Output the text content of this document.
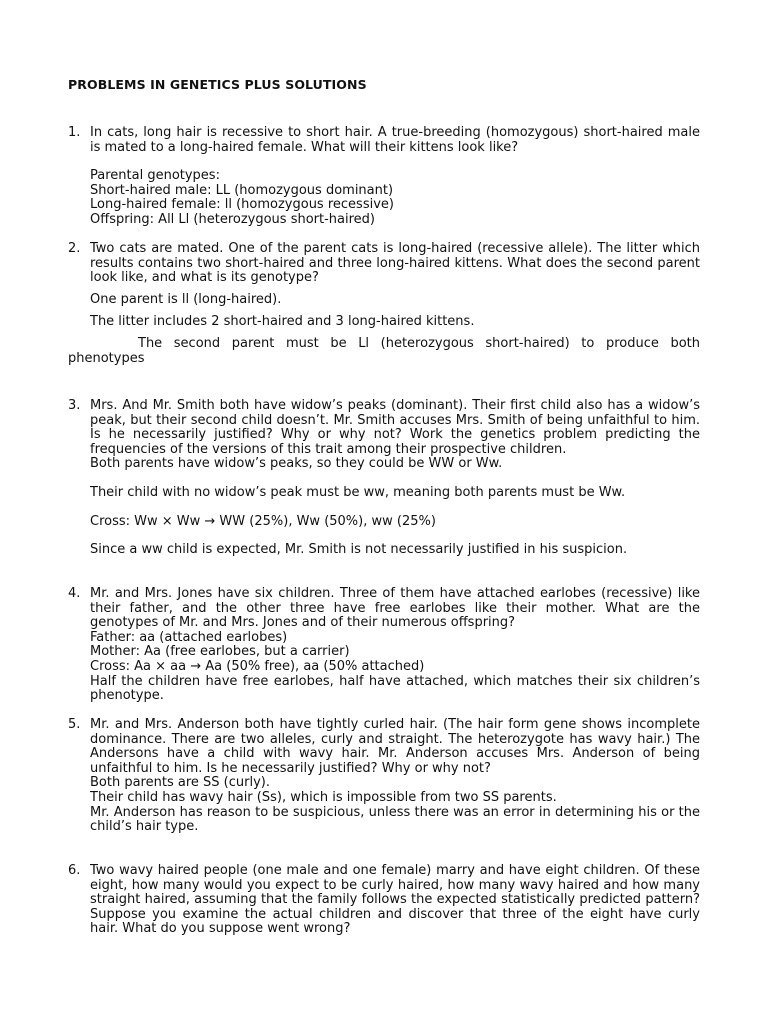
PROBLEMS IN GENETICS PLUS SOLUTIONS
1. In cats, long hair is recessive to short hair. A true-breeding (homozygous) short-haired male is mated to a long-haired female. What will their kittens look like?
Parental genotypes:
Short-haired male: LL (homozygous dominant)
Long-haired female: ll (homozygous recessive)
Offspring: All Ll (heterozygous short-haired)
2. Two cats are mated. One of the parent cats is long-haired (recessive allele). The litter which results contains two short-haired and three long-haired kittens. What does the second parent look like, and what is its genotype?
One parent is ll (long-haired).
The litter includes 2 short-haired and 3 long-haired kittens.
The second parent must be Ll (heterozygous short-haired) to produce both phenotypes
3. Mrs. And Mr. Smith both have widow’s peaks (dominant). Their first child also has a widow’s peak, but their second child doesn’t. Mr. Smith accuses Mrs. Smith of being unfaithful to him. Is he necessarily justified? Why or why not? Work the genetics problem predicting the frequencies of the versions of this trait among their prospective children.
Both parents have widow’s peaks, so they could be WW or Ww.
Their child with no widow’s peak must be ww, meaning both parents must be Ww.
Cross: Ww × Ww → WW (25%), Ww (50%), ww (25%)
Since a ww child is expected, Mr. Smith is not necessarily justified in his suspicion.
4. Mr. and Mrs. Jones have six children. Three of them have attached earlobes (recessive) like their father, and the other three have free earlobes like their mother. What are the genotypes of Mr. and Mrs. Jones and of their numerous offspring?
Father: aa (attached earlobes)
Mother: Aa (free earlobes, but a carrier)
Cross: Aa × aa → Aa (50% free), aa (50% attached)
Half the children have free earlobes, half have attached, which matches their six children’s phenotype.
5. Mr. and Mrs. Anderson both have tightly curled hair. (The hair form gene shows incomplete dominance. There are two alleles, curly and straight. The heterozygote has wavy hair.) The Andersons have a child with wavy hair. Mr. Anderson accuses Mrs. Anderson of being unfaithful to him. Is he necessarily justified? Why or why not?
Both parents are SS (curly).
Their child has wavy hair (Ss), which is impossible from two SS parents.
Mr. Anderson has reason to be suspicious, unless there was an error in determining his or the child’s hair type.
6. Two wavy haired people (one male and one female) marry and have eight children. Of these eight, how many would you expect to be curly haired, how many wavy haired and how many straight haired, assuming that the family follows the expected statistically predicted pattern? Suppose you examine the actual children and discover that three of the eight have curly hair. What do you suppose went wrong?
